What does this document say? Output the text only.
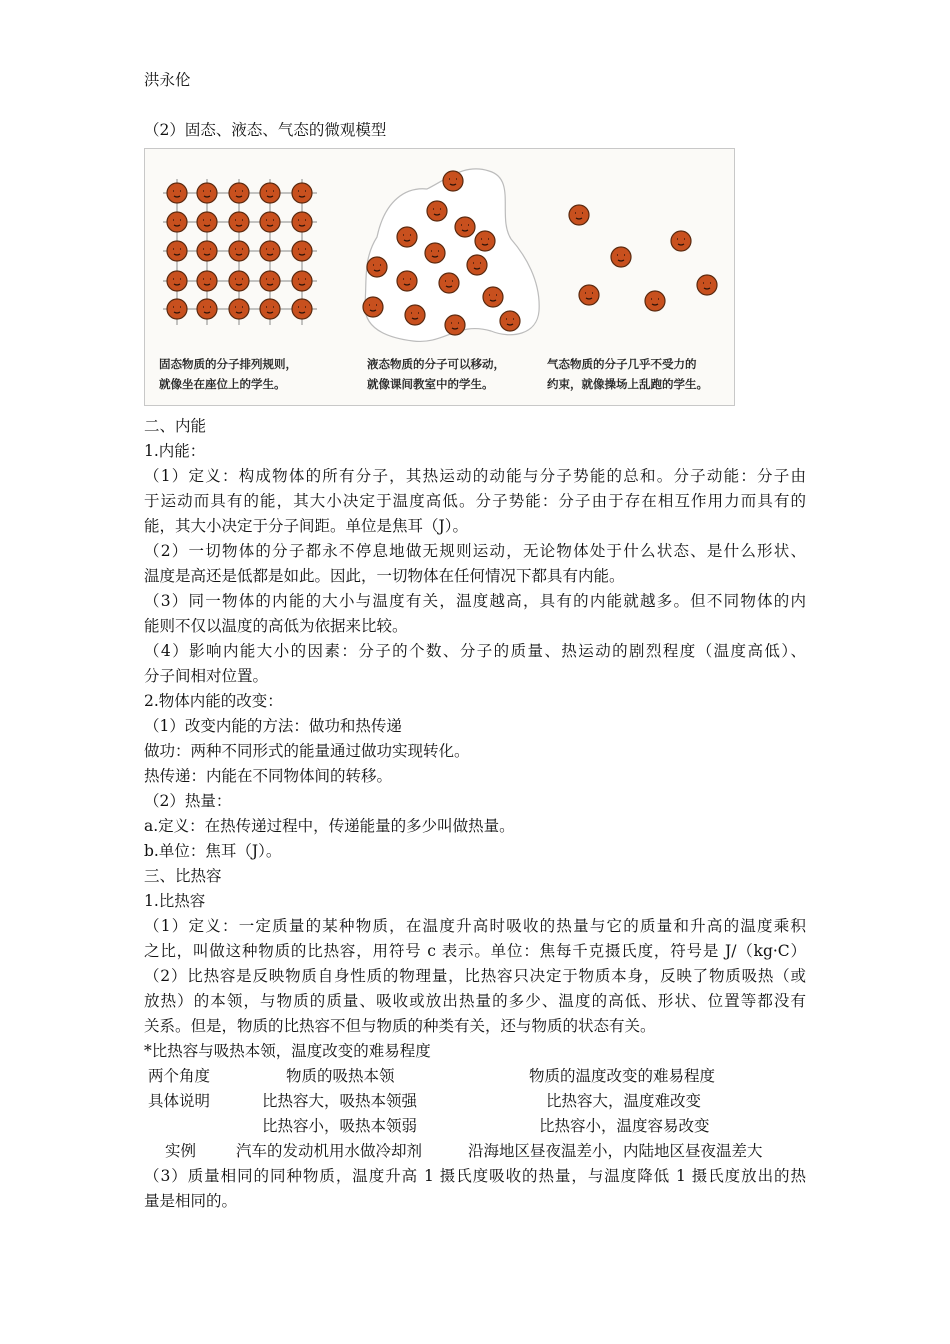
洪永伦
（2）固态、液态、气态的微观模型
固态物质的分子排列规则，
就像坐在座位上的学生。
液态物质的分子可以移动，
就像课间教室中的学生。
气态物质的分子几乎不受力的
约束，就像操场上乱跑的学生。
二、内能
1.内能：
（1）定义：构成物体的所有分子，其热运动的动能与分子势能的总和。分子动能：分子由
于运动而具有的能，其大小决定于温度高低。分子势能：分子由于存在相互作用力而具有的
能，其大小决定于分子间距。单位是焦耳（J）。
（2）一切物体的分子都永不停息地做无规则运动，无论物体处于什么状态、是什么形状、
温度是高还是低都是如此。因此，一切物体在任何情况下都具有内能。
（3）同一物体的内能的大小与温度有关，温度越高，具有的内能就越多。但不同物体的内
能则不仅以温度的高低为依据来比较。
（4）影响内能大小的因素：分子的个数、分子的质量、热运动的剧烈程度（温度高低）、
分子间相对位置。
2.物体内能的改变：
（1）改变内能的方法：做功和热传递
做功：两种不同形式的能量通过做功实现转化。
热传递：内能在不同物体间的转移。
（2）热量：
a.定义：在热传递过程中，传递能量的多少叫做热量。
b.单位：焦耳（J）。
三、比热容
1.比热容
（1）定义：一定质量的某种物质，在温度升高时吸收的热量与它的质量和升高的温度乘积
之比，叫做这种物质的比热容，用符号 c 表示。单位：焦每千克摄氏度，符号是 J/（kg·C）
（2）比热容是反映物质自身性质的物理量，比热容只决定于物质本身，反映了物质吸热（或
放热）的本领，与物质的质量、吸收或放出热量的多少、温度的高低、形状、位置等都没有
关系。但是，物质的比热容不但与物质的种类有关，还与物质的状态有关。
*比热容与吸热本领，温度改变的难易程度
两个角度	物质的吸热本领	物质的温度改变的难易程度
具体说明	比热容大，吸热本领强	比热容大，温度难改变
比热容小，吸热本领弱	比热容小，温度容易改变
实例	汽车的发动机用水做冷却剂	沿海地区昼夜温差小，内陆地区昼夜温差大
（3）质量相同的同种物质，温度升高 1 摄氏度吸收的热量，与温度降低 1 摄氏度放出的热
量是相同的。
